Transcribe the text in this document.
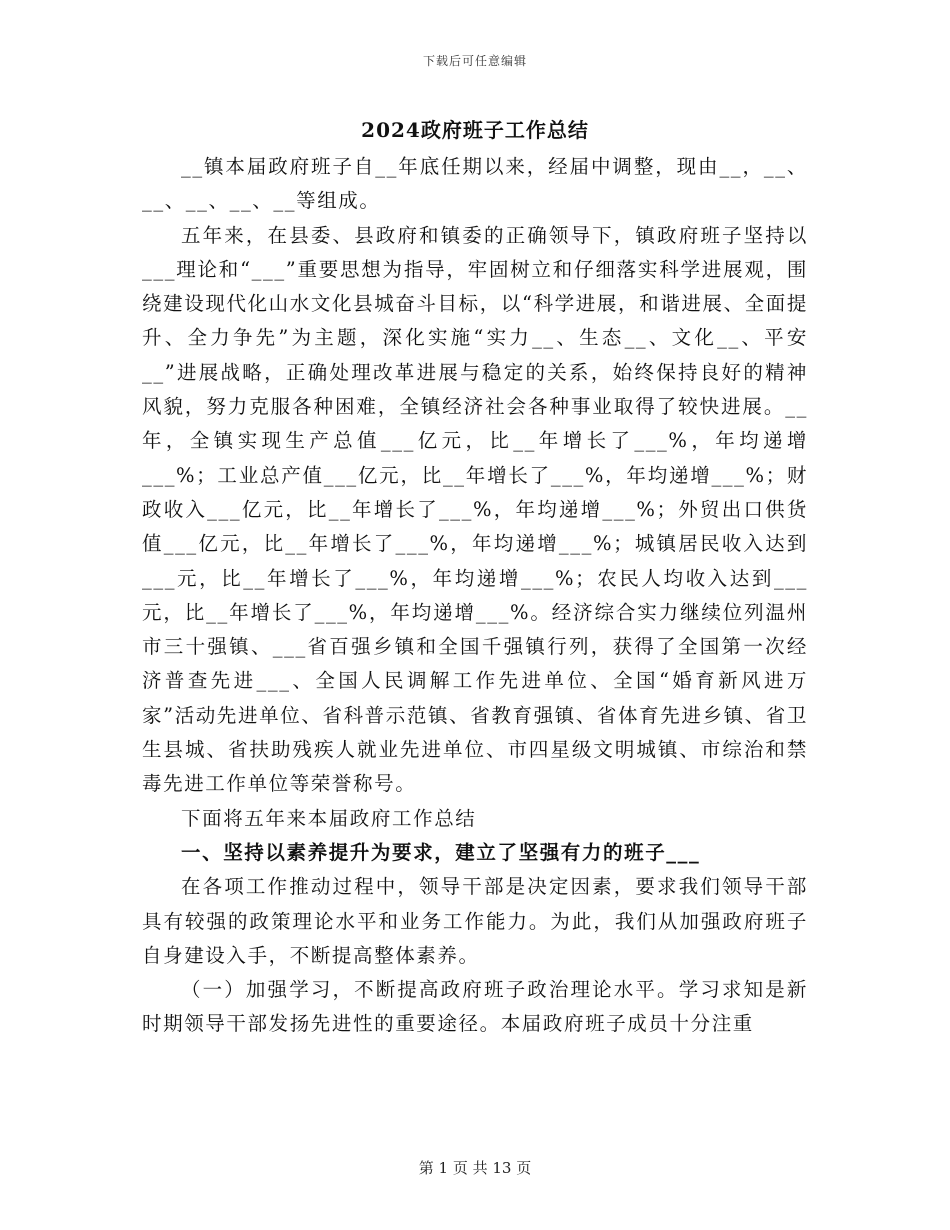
下载后可任意编辑
2024政府班子工作总结

__镇本届政府班子自__年底任期以来，经届中调整，现由__，__、__、__、__、__等组成。

五年来，在县委、县政府和镇委的正确领导下，镇政府班子坚持以___理论和“___”重要思想为指导，牢固树立和仔细落实科学进展观，围绕建设现代化山水文化县城奋斗目标，以“科学进展，和谐进展、全面提升、全力争先”为主题，深化实施“实力__、生态__、文化__、平安__”进展战略，正确处理改革进展与稳定的关系，始终保持良好的精神风貌，努力克服各种困难，全镇经济社会各种事业取得了较快进展。__年，全镇实现生产总值___亿元，比__年增长了___%，年均递增___%；工业总产值___亿元，比__年增长了___%，年均递增___%；财政收入___亿元，比__年增长了___%，年均递增___%；外贸出口供货值___亿元，比__年增长了___%，年均递增___%；城镇居民收入达到___元，比__年增长了___%，年均递增___%；农民人均收入达到___元，比__年增长了___%，年均递增___%。经济综合实力继续位列温州市三十强镇、___省百强乡镇和全国千强镇行列，获得了全国第一次经济普查先进___、全国人民调解工作先进单位、全国“婚育新风进万家”活动先进单位、省科普示范镇、省教育强镇、省体育先进乡镇、省卫生县城、省扶助残疾人就业先进单位、市四星级文明城镇、市综治和禁毒先进工作单位等荣誉称号。

下面将五年来本届政府工作总结

一、坚持以素养提升为要求，建立了坚强有力的班子___

在各项工作推动过程中，领导干部是决定因素，要求我们领导干部具有较强的政策理论水平和业务工作能力。为此，我们从加强政府班子自身建设入手，不断提高整体素养。

（一）加强学习，不断提高政府班子政治理论水平。学习求知是新时期领导干部发扬先进性的重要途径。本届政府班子成员十分注重

第 1 页 共 13 页
